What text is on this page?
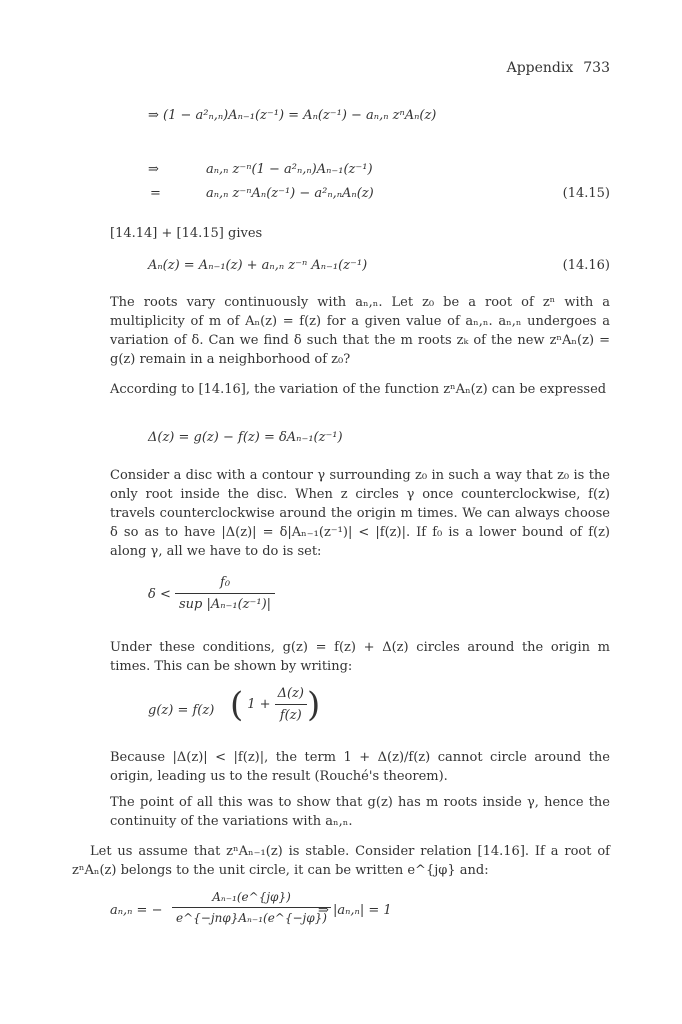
Appendix 733
⇒ (1 − a²ₙ,ₙ)Aₙ₋₁(z⁻¹) = Aₙ(z⁻¹) − aₙ,ₙ zⁿAₙ(z)
⇒	aₙ,ₙ z⁻ⁿ(1 − a²ₙ,ₙ)Aₙ₋₁(z⁻¹)
=	aₙ,ₙ z⁻ⁿAₙ(z⁻¹) − a²ₙ,ₙAₙ(z)	(14.15)
[14.14] + [14.15] gives
Aₙ(z) = Aₙ₋₁(z) + aₙ,ₙ z⁻ⁿ Aₙ₋₁(z⁻¹)	(14.16)
The roots vary continuously with aₙ,ₙ. Let z₀ be a root of zⁿ with a multiplicity of m of Aₙ(z) = f(z) for a given value of aₙ,ₙ. aₙ,ₙ undergoes a variation of δ. Can we find δ such that the m roots zₖ of the new zⁿAₙ(z) = g(z) remain in a neighborhood of z₀?
According to [14.16], the variation of the function zⁿAₙ(z) can be expressed
Δ(z) = g(z) − f(z) = δAₙ₋₁(z⁻¹)
Consider a disc with a contour γ surrounding z₀ in such a way that z₀ is the only root inside the disc. When z circles γ once counterclockwise, f(z) travels counterclockwise around the origin m times. We can always choose δ so as to have |Δ(z)| = δ|Aₙ₋₁(z⁻¹)| < |f(z)|. If f₀ is a lower bound of f(z) along γ, all we have to do is set:
δ <
f₀
sup |Aₙ₋₁(z⁻¹)|
Under these conditions, g(z) = f(z) + Δ(z) circles around the origin m times. This can be shown by writing:
g(z) = f(z) ( 1 +
Δ(z)
f(z) )
Because |Δ(z)| < |f(z)|, the term 1 + Δ(z)/f(z) cannot circle around the origin, leading us to the result (Rouché's theorem).
The point of all this was to show that g(z) has m roots inside γ, hence the continuity of the variations with aₙ,ₙ.
Let us assume that zⁿAₙ₋₁(z) is stable. Consider relation [14.16]. If a root of zⁿAₙ(z) belongs to the unit circle, it can be written e^{jφ} and:
aₙ,ₙ = −
Aₙ₋₁(e^{jφ})
e^{−jnφ}Aₙ₋₁(e^{−jφ})
⇒ |aₙ,ₙ| = 1
